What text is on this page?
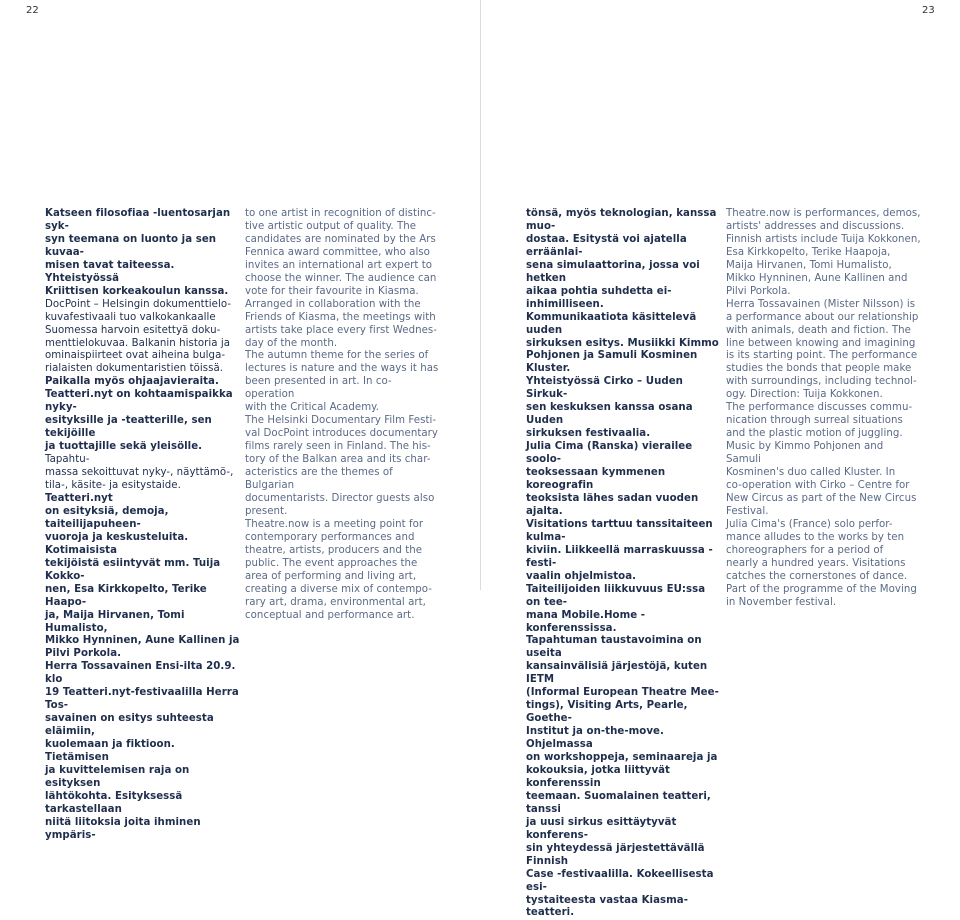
22	23

Katseen filosofiaa -luentosarjan syk-
syn teemana on luonto ja sen kuvaa-
misen tavat taiteessa. Yhteistyössä
Kriittisen korkeakoulun kanssa.

DocPoint – Helsingin dokumenttielo-
kuvafestivaali tuo valkokankaalle
Suomessa harvoin esitettyä doku-
menttielokuvaa. Balkanin historia ja
ominaispiirteet ovat aiheina bulga-
rialaisten dokumentaristien töissä.

Paikalla myös ohjaajavieraita.
Teatteri.nyt on kohtaamispaikka nyky-
esityksille ja -teatterille, sen tekijöille
ja tuottajille sekä yleisölle.

Tapahtu-
massa sekoittuvat nyky-, näyttämö-,
tila-, käsite- ja esitystaide.

Teatteri.nyt
on esityksiä, demoja, taiteilijapuheen-
vuoroja ja keskusteluita. Kotimaisista
tekijöistä esiintyvät mm. Tuija Kokko-
nen, Esa Kirkkopelto, Terike Haapo-
ja, Maija Hirvanen, Tomi Humalisto,
Mikko Hynninen, Aune Kallinen ja
Pilvi Porkola.
Herra Tossavainen Ensi-ilta 20.9. klo
19 Teatteri.nyt-festivaalilla Herra Tos-
savainen on esitys suhteesta eläimiin,
kuolemaan ja fiktioon. Tietämisen
ja kuvittelemisen raja on esityksen
lähtökohta. Esityksessä tarkastellaan
niitä liitoksia joita ihminen ympäris-

to one artist in recognition of distinc-
tive artistic output of quality. The
candidates are nominated by the Ars
Fennica award committee, who also
invites an international art expert to
choose the winner. The audience can
vote for their favourite in Kiasma.
Arranged in collaboration with the
Friends of Kiasma, the meetings with
artists take place every first Wednes-
day of the month.
The autumn theme for the series of
lectures is nature and the ways it has
been presented in art. In co-operation
with the Critical Academy.
The Helsinki Documentary Film Festi-
val DocPoint introduces documentary
films rarely seen in Finland. The his-
tory of the Balkan area and its char-
acteristics are the themes of Bulgarian
documentarists. Director guests also
present.
Theatre.now is a meeting point for
contemporary performances and
theatre, artists, producers and the
public. The event approaches the
area of performing and living art,
creating a diverse mix of contempo-
rary art, drama, environmental art,
conceptual and performance art.

tönsä, myös teknologian, kanssa muo-
dostaa. Esitystä voi ajatella erräänlai-
sena simulaattorina, jossa voi hetken
aikaa pohtia suhdetta ei-inhimilliseen.
Kommunikaatiota käsittelevä uuden
sirkuksen esitys. Musiikki Kimmo
Pohjonen ja Samuli Kosminen Kluster.
Yhteistyössä Cirko – Uuden Sirkuk-
sen keskuksen kanssa osana Uuden
sirkuksen festivaalia.
Julia Cima (Ranska) vierailee soolo-
teoksessaan kymmenen koreografin
teoksista lähes sadan vuoden ajalta.
Visitations tarttuu tanssitaiteen kulma-
kiviin. Liikkeellä marraskuussa -festi-
vaalin ohjelmistoa.
Taiteilijoiden liikkuvuus EU:ssa on tee-
mana Mobile.Home -konferenssissa.
Tapahtuman taustavoimina on useita
kansainvälisiä järjestöjä, kuten IETM
(Informal European Theatre Mee-
tings), Visiting Arts, Pearle, Goethe-
Institut ja on-the-move. Ohjelmassa
on workshoppeja, seminaareja ja
kokouksia, jotka liittyvät konferenssin
teemaan. Suomalainen teatteri, tanssi
ja uusi sirkus esittäytyvät konferens-
sin yhteydessä järjestettävällä Finnish
Case -festivaalilla. Kokeellisesta esi-
tystaiteesta vastaa Kiasma-teatteri.

Theatre.now is performances, demos,
artists' addresses and discussions.
Finnish artists include Tuija Kokkonen,
Esa Kirkkopelto, Terike Haapoja,
Maija Hirvanen, Tomi Humalisto,
Mikko Hynninen, Aune Kallinen and
Pilvi Porkola.
Herra Tossavainen (Mister Nilsson) is
a performance about our relationship
with animals, death and fiction. The
line between knowing and imagining
is its starting point. The performance
studies the bonds that people make
with surroundings, including technol-
ogy. Direction: Tuija Kokkonen.
The performance discusses commu-
nication through surreal situations
and the plastic motion of juggling.
Music by Kimmo Pohjonen and Samuli
Kosminen's duo called Kluster. In
co-operation with Cirko – Centre for
New Circus as part of the New Circus
Festival.
Julia Cima's (France) solo perfor-
mance alludes to the works by ten
choreographers for a period of
nearly a hundred years. Visitations
catches the cornerstones of dance.
Part of the programme of the Moving
in November festival.
